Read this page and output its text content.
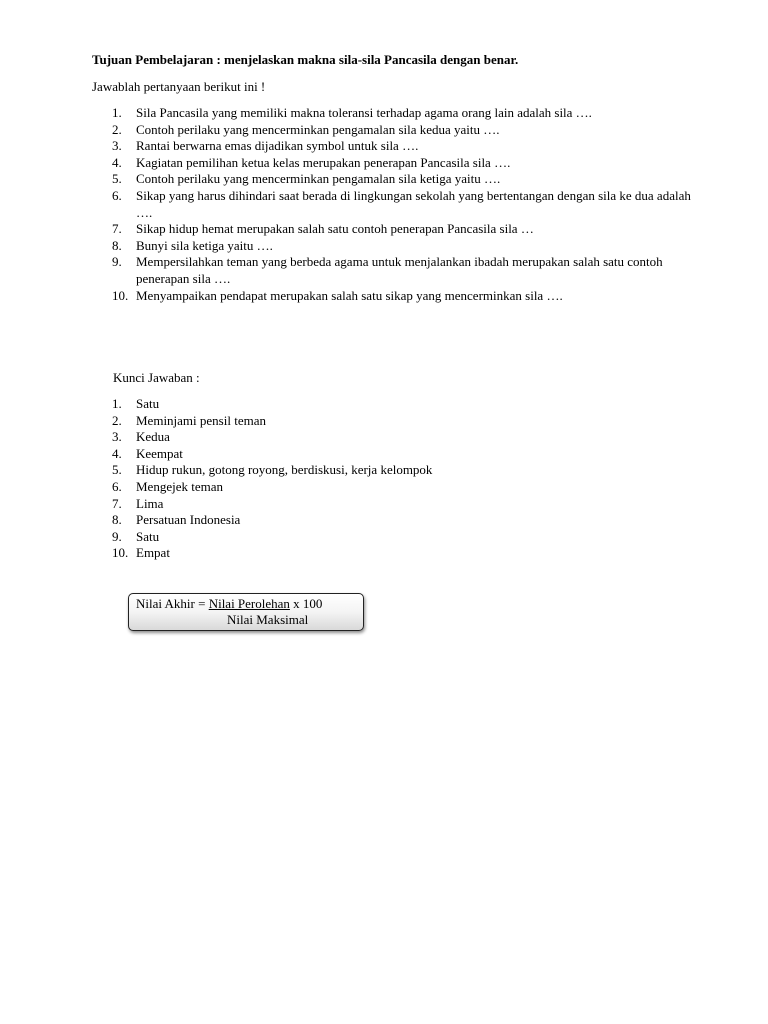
Tujuan Pembelajaran : menjelaskan makna sila-sila Pancasila dengan benar.
Jawablah pertanyaan berikut ini !
1.	Sila Pancasila yang memiliki makna toleransi terhadap agama orang lain adalah sila ….
2.	Contoh perilaku yang mencerminkan pengamalan sila kedua yaitu ….
3.	Rantai berwarna emas dijadikan symbol untuk sila ….
4.	Kagiatan pemilihan ketua kelas merupakan penerapan Pancasila sila ….
5.	Contoh perilaku yang mencerminkan pengamalan sila ketiga yaitu ….
6.	Sikap yang harus dihindari saat berada di lingkungan sekolah yang bertentangan dengan sila ke dua adalah ….
7.	Sikap hidup hemat merupakan salah satu contoh penerapan Pancasila sila …
8.	Bunyi sila ketiga yaitu ….
9.	Mempersilahkan teman yang berbeda agama untuk menjalankan ibadah merupakan salah satu contoh penerapan sila ….
10. Menyampaikan pendapat merupakan salah satu sikap yang mencerminkan sila ….
Kunci Jawaban :
1.	Satu
2.	Meminjami pensil teman
3.	Kedua
4.	Keempat
5.	Hidup rukun, gotong royong, berdiskusi, kerja kelompok
6.	Mengejek teman
7.	Lima
8.	Persatuan Indonesia
9.	Satu
10. Empat
Nilai Akhir = Nilai Perolehan x 100
Nilai Maksimal
